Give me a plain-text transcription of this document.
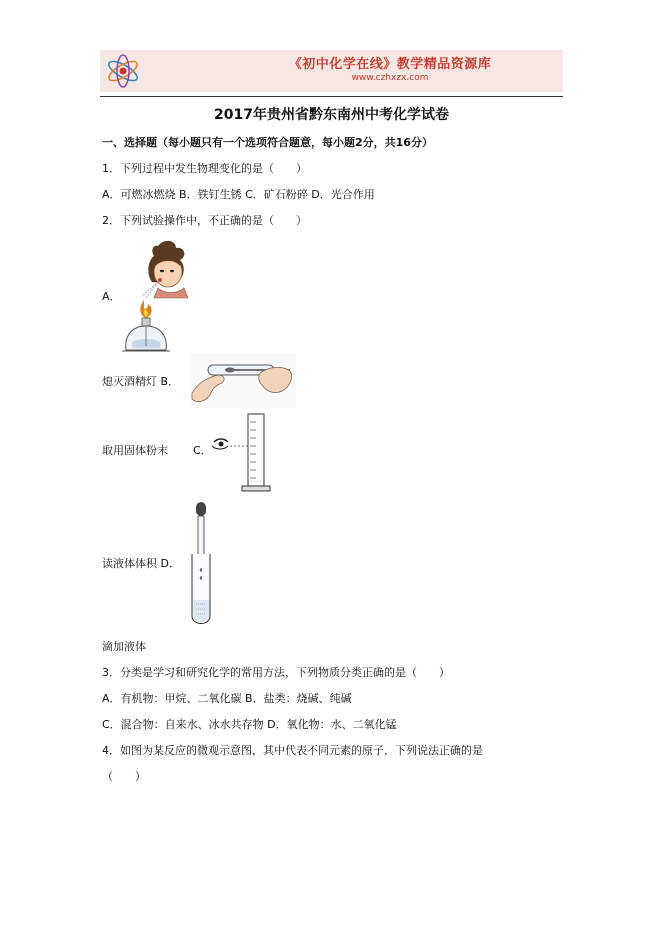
《初中化学在线》教学精品资源库
www.czhxzx.com
2017年贵州省黔东南州中考化学试卷
一、选择题（每小题只有一个选项符合题意，每小题2分，共16分）
1．下列过程中发生物理变化的是（　　）
A．可燃冰燃烧 B．铁钉生锈 C．矿石粉碎 D．光合作用
2．下列试验操作中，不正确的是（　　）
A．
熄灭酒精灯 B．
取用固体粉末 C．
读液体体积 D．
滴加液体
3．分类是学习和研究化学的常用方法，下列物质分类正确的是（　　）
A．有机物：甲烷、二氧化碳 B．盐类：烧碱、纯碱
C．混合物：自来水、冰水共存物 D．氧化物：水、二氧化锰
4．如图为某反应的微观示意图，其中代表不同元素的原子．下列说法正确的是
（　　）
